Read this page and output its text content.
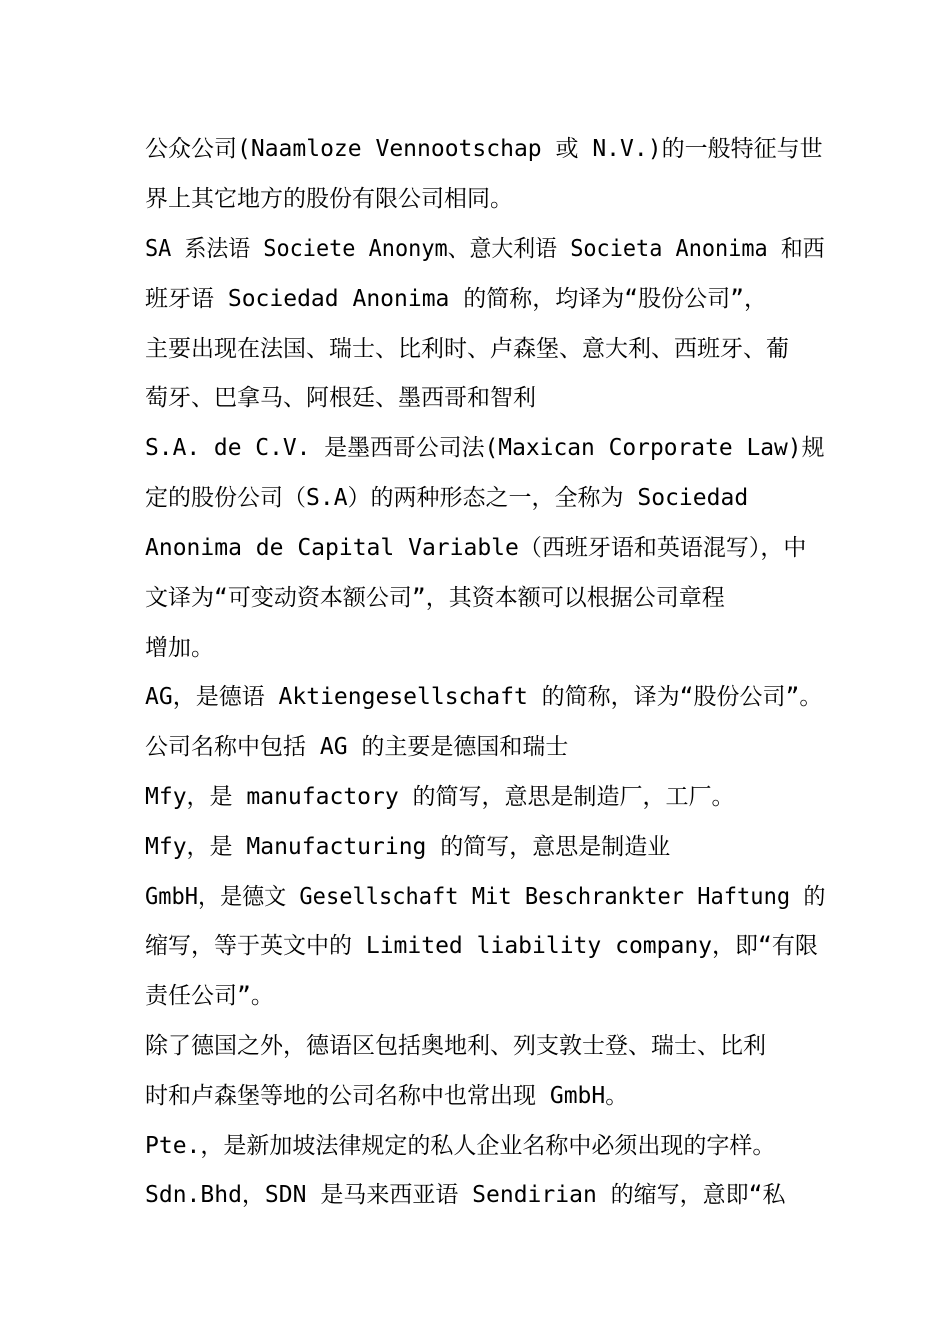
公众公司(Naamloze Vennootschap 或 N.V.)的一般特征与世
界上其它地方的股份有限公司相同。
SA 系法语 Societe Anonym、意大利语 Societa Anonima 和西
班牙语 Sociedad Anonima 的简称，均译为“股份公司”，
主要出现在法国、瑞士、比利时、卢森堡、意大利、西班牙、葡
萄牙、巴拿马、阿根廷、墨西哥和智利
S.A. de C.V. 是墨西哥公司法(Maxican Corporate Law)规
定的股份公司（S.A）的两种形态之一，全称为 Sociedad
Anonima de Capital Variable（西班牙语和英语混写），中
文译为“可变动资本额公司”，其资本额可以根据公司章程
增加。
AG，是德语 Aktiengesellschaft 的简称，译为“股份公司”。
公司名称中包括 AG 的主要是德国和瑞士
Mfy，是 manufactory 的简写，意思是制造厂，工厂。
Mfy，是 Manufacturing 的简写，意思是制造业
GmbH，是德文 Gesellschaft Mit Beschrankter Haftung 的
缩写，等于英文中的 Limited liability company，即“有限
责任公司”。
除了德国之外，德语区包括奥地利、列支敦士登、瑞士、比利
时和卢森堡等地的公司名称中也常出现 GmbH。
Pte.，是新加坡法律规定的私人企业名称中必须出现的字样。
Sdn.Bhd，SDN 是马来西亚语 Sendirian 的缩写，意即“私
